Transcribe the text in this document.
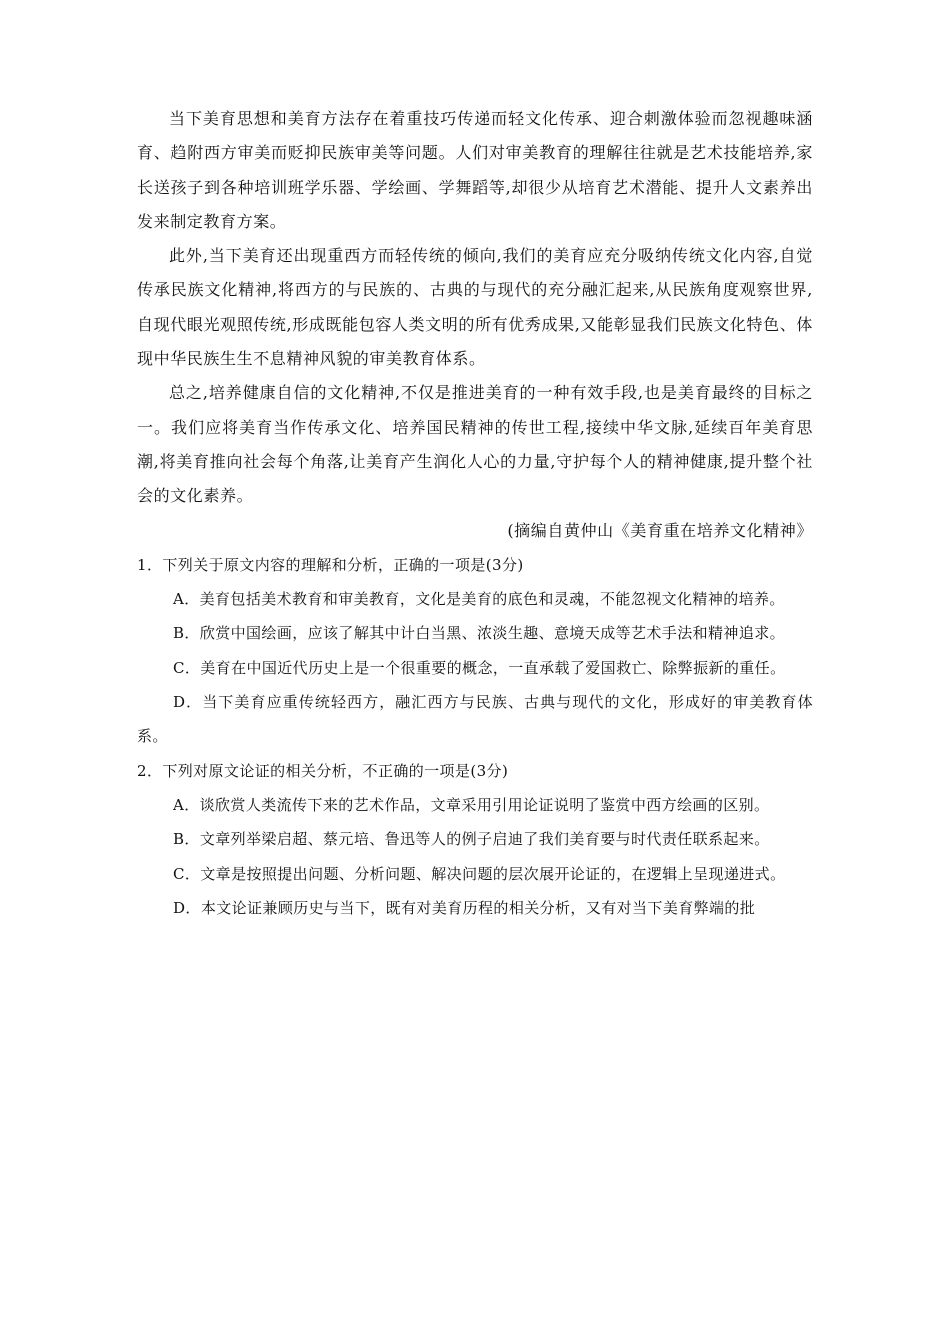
当下美育思想和美育方法存在着重技巧传递而轻文化传承、迎合刺激体验而忽视趣味涵育、趋附西方审美而贬抑民族审美等问题。人们对审美教育的理解往往就是艺术技能培养,家长送孩子到各种培训班学乐器、学绘画、学舞蹈等,却很少从培育艺术潜能、提升人文素养出发来制定教育方案。

此外,当下美育还出现重西方而轻传统的倾向,我们的美育应充分吸纳传统文化内容,自觉传承民族文化精神,将西方的与民族的、古典的与现代的充分融汇起来,从民族角度观察世界,自现代眼光观照传统,形成既能包容人类文明的所有优秀成果,又能彰显我们民族文化特色、体现中华民族生生不息精神风貌的审美教育体系。

总之,培养健康自信的文化精神,不仅是推进美育的一种有效手段,也是美育最终的目标之一。我们应将美育当作传承文化、培养国民精神的传世工程,接续中华文脉,延续百年美育思潮,将美育推向社会每个角落,让美育产生润化人心的力量,守护每个人的精神健康,提升整个社会的文化素养。

(摘编自黄仲山《美育重在培养文化精神》

1．下列关于原文内容的理解和分析，正确的一项是(3分)

A．美育包括美术教育和审美教育，文化是美育的底色和灵魂，不能忽视文化精神的培养。

B．欣赏中国绘画，应该了解其中计白当黑、浓淡生趣、意境天成等艺术手法和精神追求。

C．美育在中国近代历史上是一个很重要的概念，一直承载了爱国救亡、除弊振新的重任。

D．当下美育应重传统轻西方，融汇西方与民族、古典与现代的文化，形成好的审美教育体系。

2．下列对原文论证的相关分析，不正确的一项是(3分)

A．谈欣赏人类流传下来的艺术作品，文章采用引用论证说明了鉴赏中西方绘画的区别。

B．文章列举梁启超、蔡元培、鲁迅等人的例子启迪了我们美育要与时代责任联系起来。

C．文章是按照提出问题、分析问题、解决问题的层次展开论证的，在逻辑上呈现递进式。

D．本文论证兼顾历史与当下，既有对美育历程的相关分析，又有对当下美育弊端的批
